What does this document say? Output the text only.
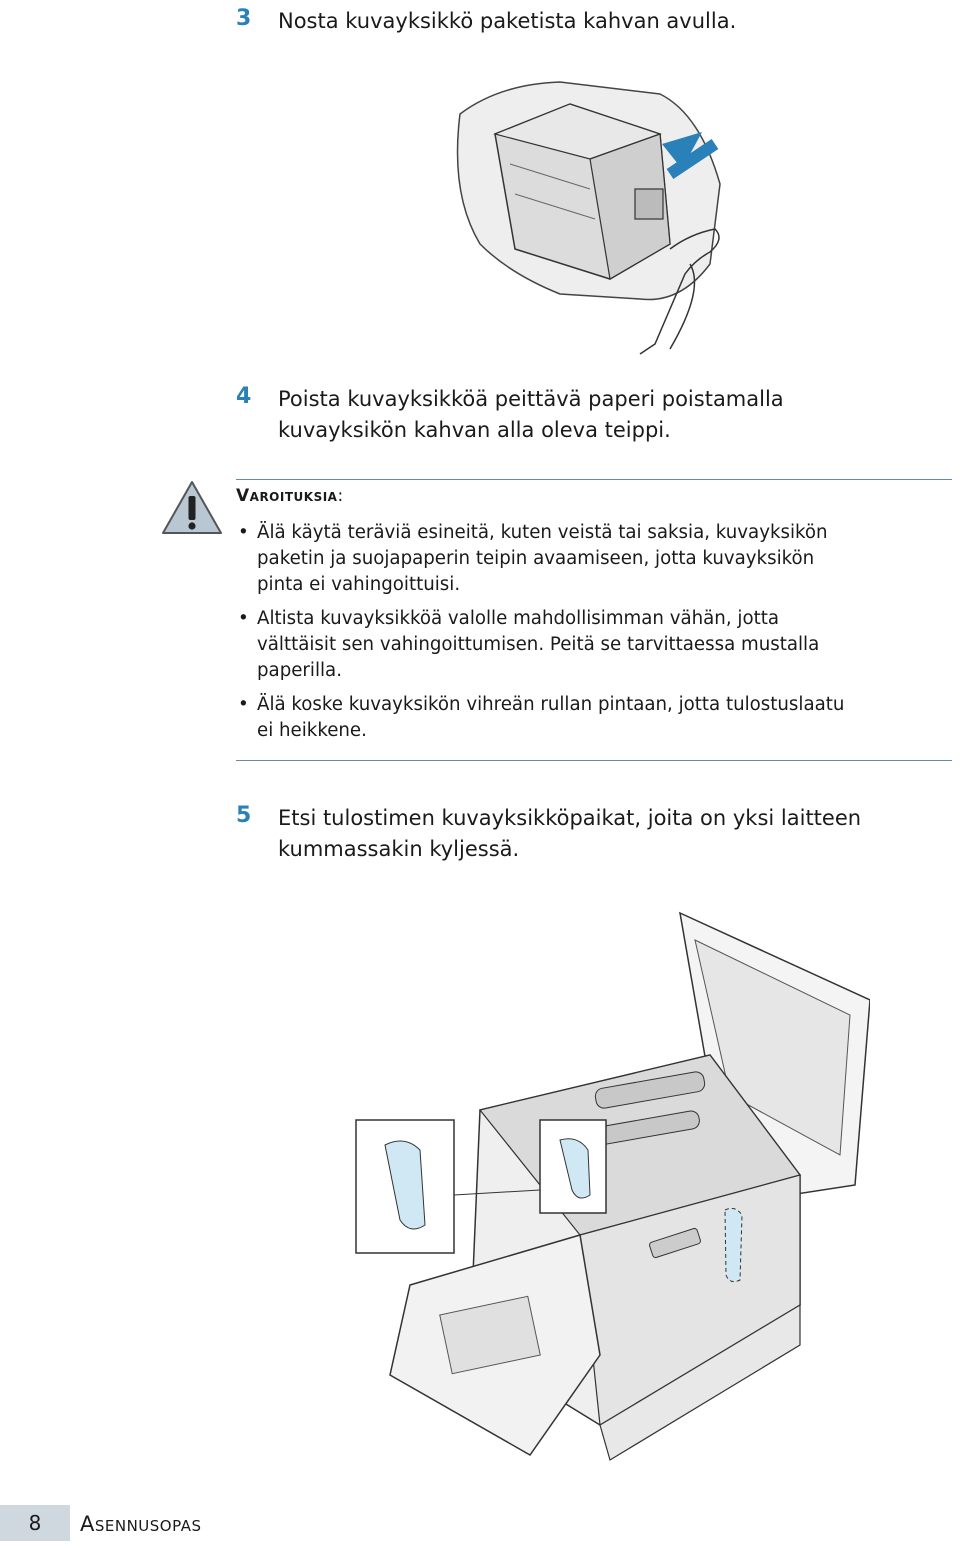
3	Nosta kuvayksikkö paketista kahvan avulla.
4	Poista kuvayksikköä peittävä paperi poistamalla
kuvayksikön kahvan alla oleva teippi.
Varoituksia:
• Älä käytä teräviä esineitä, kuten veistä tai saksia, kuvayksikön
paketin ja suojapaperin teipin avaamiseen, jotta kuvayksikön
pinta ei vahingoittuisi.
• Altista kuvayksikköä valolle mahdollisimman vähän, jotta
välttäisit sen vahingoittumisen. Peitä se tarvittaessa mustalla
paperilla.
• Älä koske kuvayksikön vihreän rullan pintaan, jotta tulostuslaatu
ei heikkene.
5	Etsi tulostimen kuvayksikköpaikat, joita on yksi laitteen
kummassakin kyljessä.
8 Asennusopas
